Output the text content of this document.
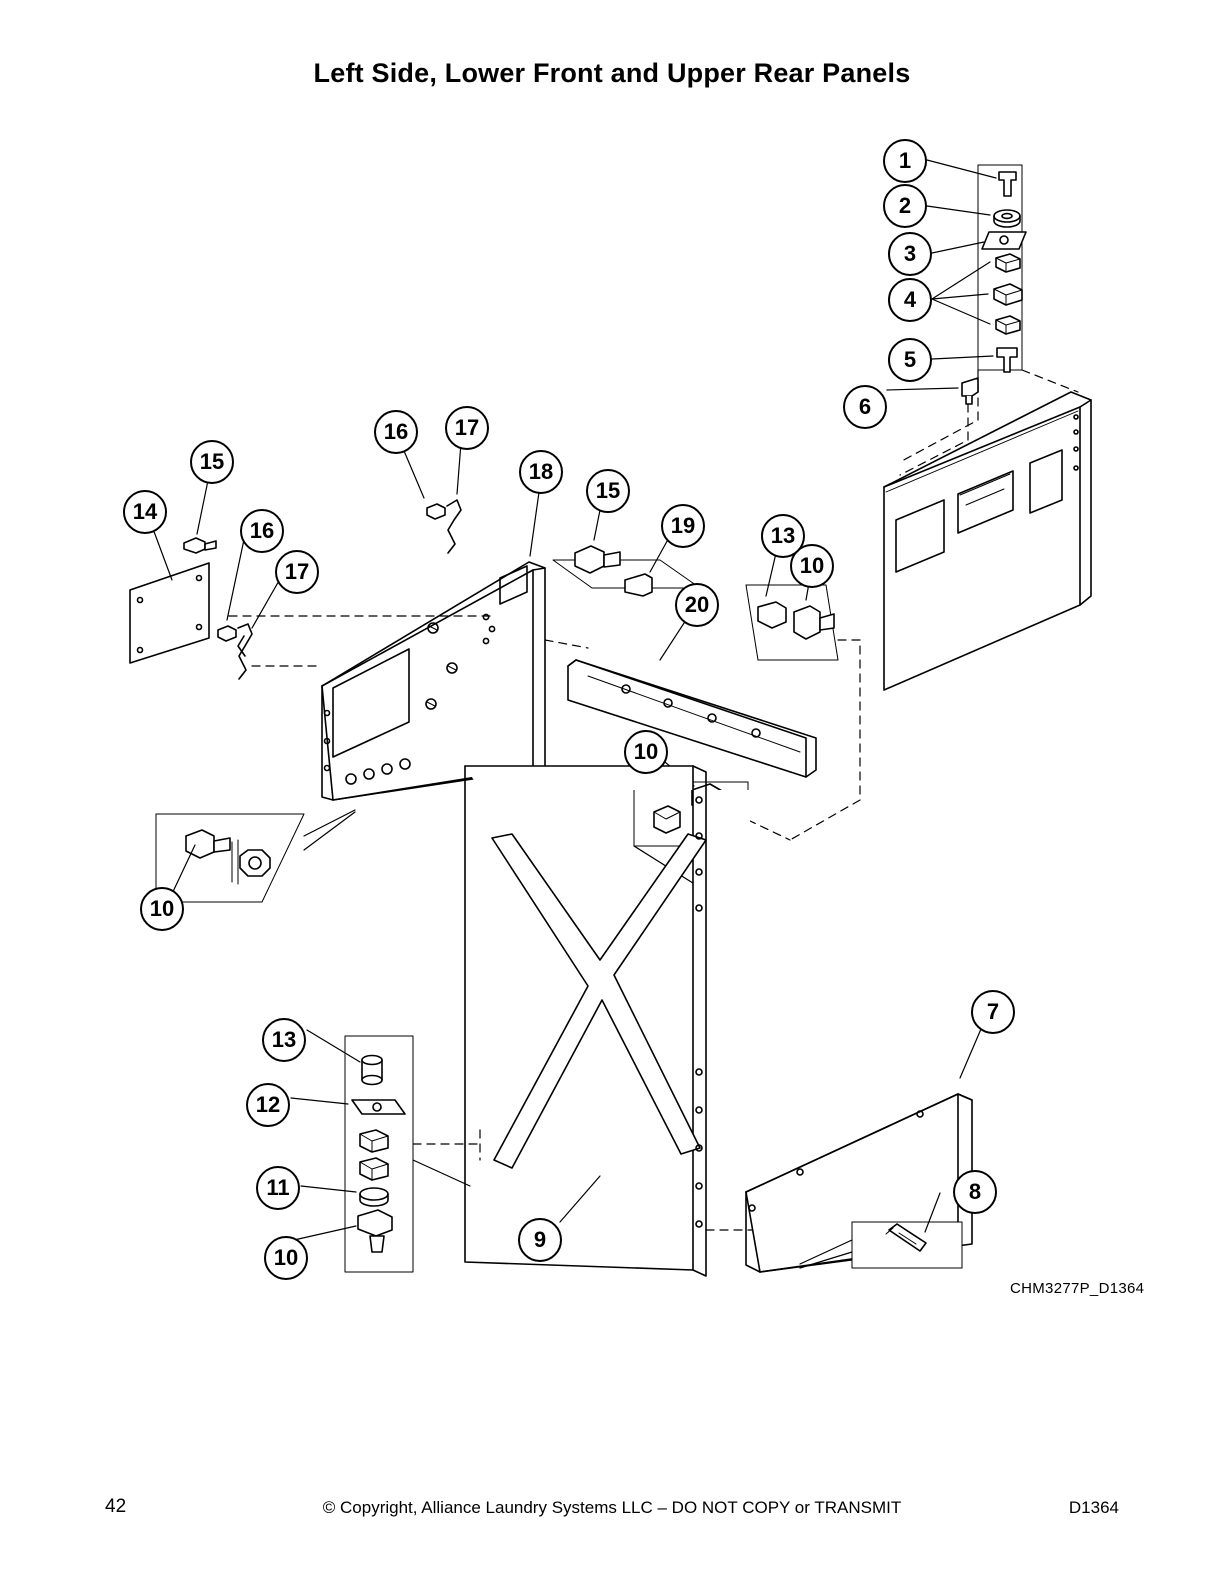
Left Side, Lower Front and Upper Rear Panels
1
2
3
4
5
6
7
8
9
10
10
10
10
11
12
13
13
14
15
15
16
16
17
17
18
19
20
CHM3277P_D1364
42	© Copyright, Alliance Laundry Systems LLC – DO NOT COPY or TRANSMIT	D1364
